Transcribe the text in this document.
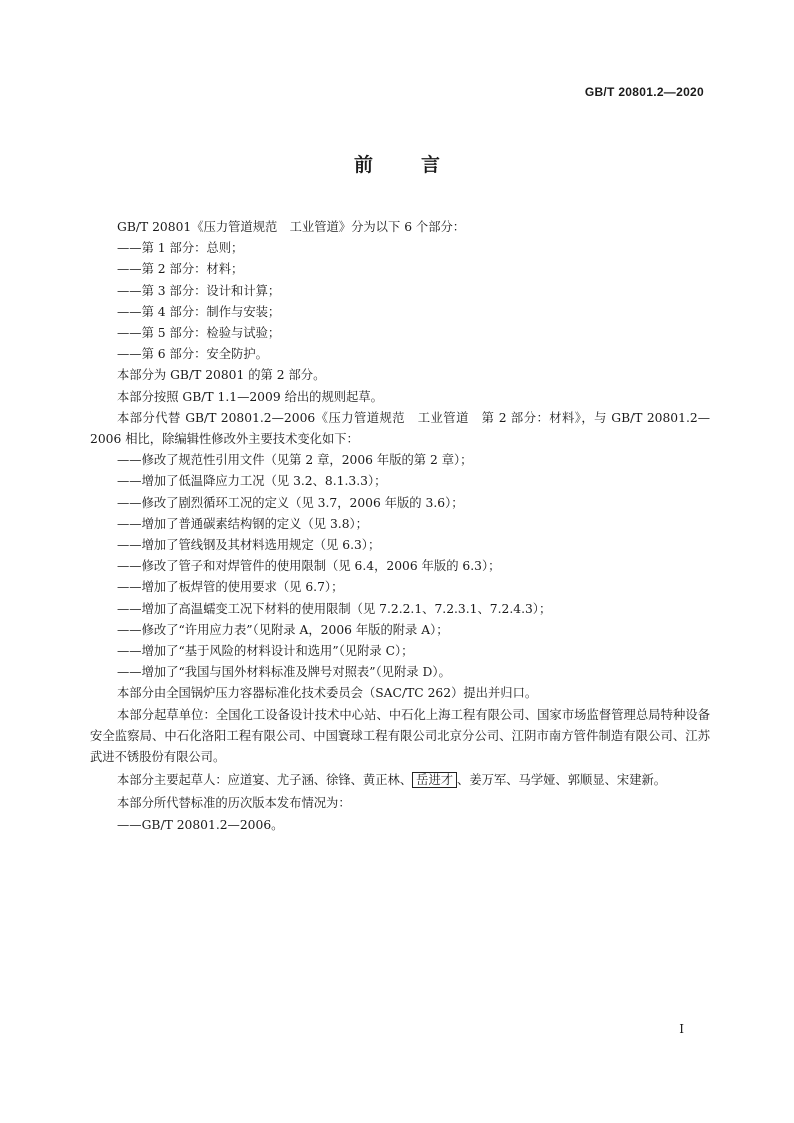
GB/T 20801.2—2020
前言

GB/T 20801《压力管道规范　工业管道》分为以下 6 个部分：

——第 1 部分：总则；

——第 2 部分：材料；

——第 3 部分：设计和计算；

——第 4 部分：制作与安装；

——第 5 部分：检验与试验；

——第 6 部分：安全防护。

本部分为 GB/T 20801 的第 2 部分。

本部分按照 GB/T 1.1—2009 给出的规则起草。

本部分代替 GB/T 20801.2—2006《压力管道规范　工业管道　第 2 部分：材料》，与 GB/T 20801.2—2006 相比，除编辑性修改外主要技术变化如下：

——修改了规范性引用文件（见第 2 章，2006 年版的第 2 章）；

——增加了低温降应力工况（见 3.2、8.1.3.3）；

——修改了剧烈循环工况的定义（见 3.7，2006 年版的 3.6）；

——增加了普通碳素结构钢的定义（见 3.8）；

——增加了管线钢及其材料选用规定（见 6.3）；

——修改了管子和对焊管件的使用限制（见 6.4，2006 年版的 6.3）；

——增加了板焊管的使用要求（见 6.7）；

——增加了高温蠕变工况下材料的使用限制（见 7.2.2.1、7.2.3.1、7.2.4.3）；

——修改了“许用应力表”（见附录 A，2006 年版的附录 A）；

——增加了“基于风险的材料设计和选用”（见附录 C）；

——增加了“我国与国外材料标准及牌号对照表”（见附录 D）。

本部分由全国锅炉压力容器标准化技术委员会（SAC/TC 262）提出并归口。

本部分起草单位：全国化工设备设计技术中心站、中石化上海工程有限公司、国家市场监督管理总局特种设备安全监察局、中石化洛阳工程有限公司、中国寰球工程有限公司北京分公司、江阴市南方管件制造有限公司、江苏武进不锈股份有限公司。

本部分主要起草人：应道宴、尤子涵、徐锋、黄正林、 岳进才 、姜万军、马学娅、郭顺显、宋建新。

本部分所代替标准的历次版本发布情况为：

——GB/T 20801.2—2006。

I
